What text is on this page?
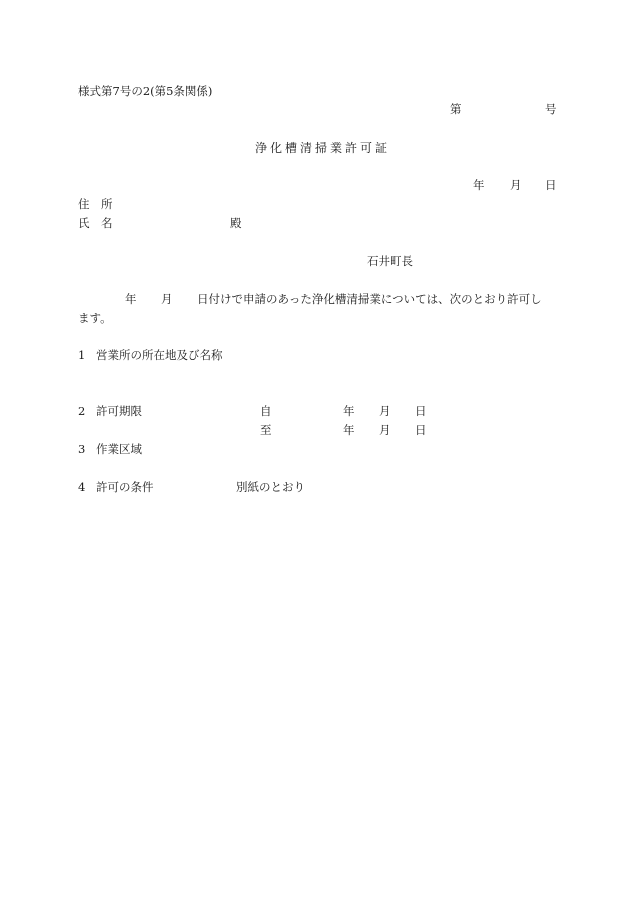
様式第7号の2(第5条関係)
第	号
浄化槽清掃業許可証
年 月 日
住　所
氏　名	殿
石井町長
年 月 日付けで申請のあった浄化槽清掃業については、次のとおり許可し
ます。
1 営業所の所在地及び名称
2 許可期限	自	年 月 日
至	年 月 日
3 作業区域
4 許可の条件	別紙のとおり
